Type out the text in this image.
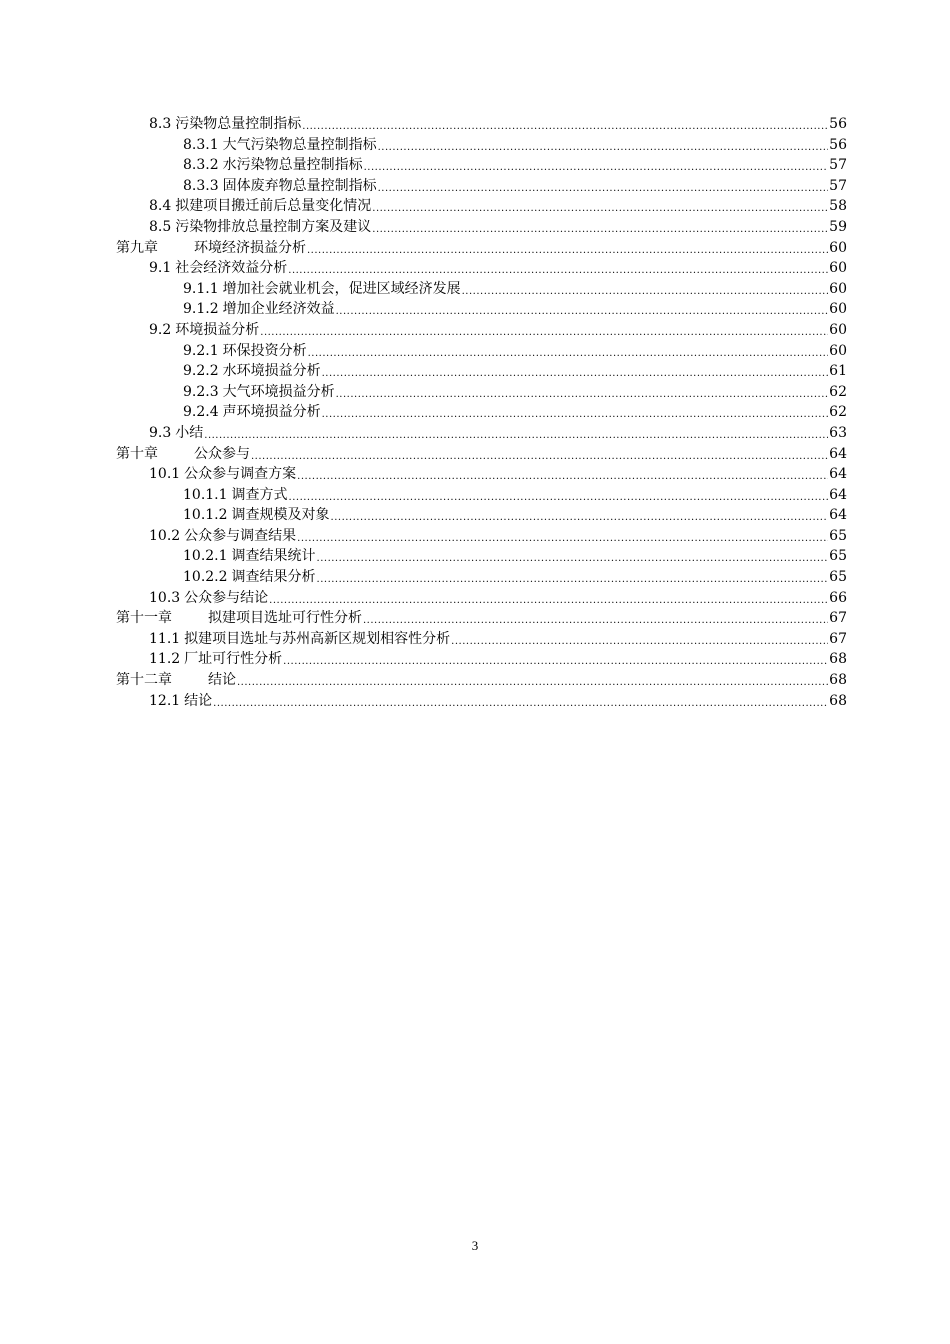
8.3 污染物总量控制指标 .....	56
8.3.1 大气污染物总量控制指标 .....	56
8.3.2 水污染物总量控制指标 .....	57
8.3.3 固体废弃物总量控制指标 .....	57
8.4 拟建项目搬迁前后总量变化情况 .....	58
8.5 污染物排放总量控制方案及建议 .....	59
第九章	环境经济损益分析 .....	60
9.1 社会经济效益分析 .....	60
9.1.1 增加社会就业机会，促进区域经济发展 .....	60
9.1.2 增加企业经济效益 .....	60
9.2 环境损益分析 .....	60
9.2.1 环保投资分析 .....	60
9.2.2 水环境损益分析 .....	61
9.2.3 大气环境损益分析 .....	62
9.2.4 声环境损益分析 .....	62
9.3 小结 .....	63
第十章	公众参与 .....	64
10.1 公众参与调查方案 .....	64
10.1.1 调查方式 .....	64
10.1.2 调查规模及对象 .....	64
10.2 公众参与调查结果 .....	65
10.2.1 调查结果统计 .....	65
10.2.2 调查结果分析 .....	65
10.3 公众参与结论 .....	66
第十一章	拟建项目选址可行性分析 .....	67
11.1 拟建项目选址与苏州高新区规划相容性分析 .....	67
11.2 厂址可行性分析 .....	68
第十二章	结论 .....	68
12.1 结论 .....	68
3
